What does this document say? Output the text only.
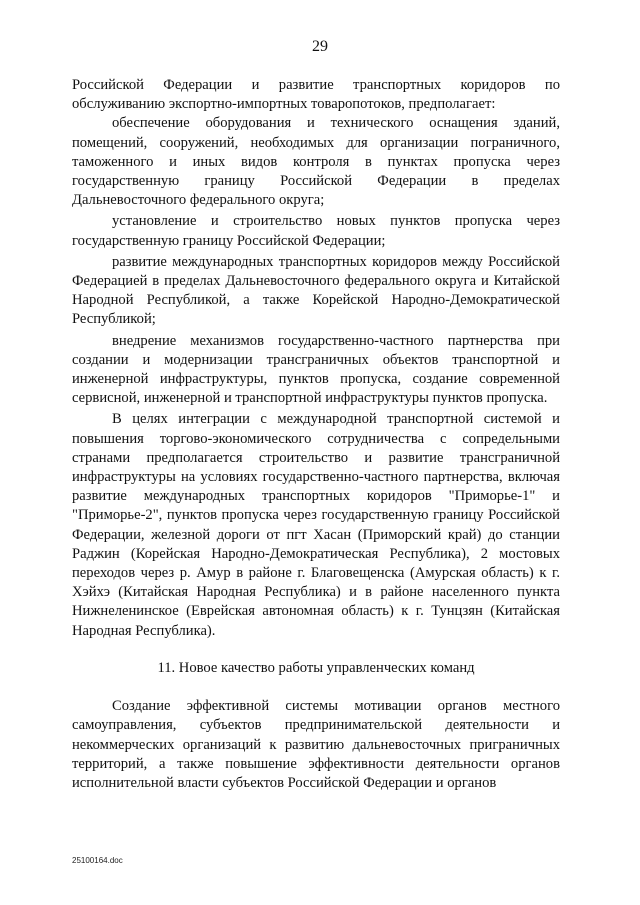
29

Российской Федерации и развитие транспортных коридоров по обслуживанию экспортно-импортных товаропотоков, предполагает:

обеспечение оборудования и технического оснащения зданий, помещений, сооружений, необходимых для организации пограничного, таможенного и иных видов контроля в пунктах пропуска через государственную границу Российской Федерации в пределах Дальневосточного федерального округа;

установление и строительство новых пунктов пропуска через государственную границу Российской Федерации;

развитие международных транспортных коридоров между Российской Федерацией в пределах Дальневосточного федерального округа и Китайской Народной Республикой, а также Корейской Народно-Демократической Республикой;

внедрение механизмов государственно-частного партнерства при создании и модернизации трансграничных объектов транспортной и инженерной инфраструктуры, пунктов пропуска, создание современной сервисной, инженерной и транспортной инфраструктуры пунктов пропуска.

В целях интеграции с международной транспортной системой и повышения торгово-экономического сотрудничества с сопредельными странами предполагается строительство и развитие трансграничной инфраструктуры на условиях государственно-частного партнерства, включая развитие международных транспортных коридоров "Приморье-1" и "Приморье-2", пунктов пропуска через государственную границу Российской Федерации, железной дороги от пгт Хасан (Приморский край) до станции Раджин (Корейская Народно-Демократическая Республика), 2 мостовых переходов через р. Амур в районе г. Благовещенска (Амурская область) к г. Хэйхэ (Китайская Народная Республика) и в районе населенного пункта Нижнеленинское (Еврейская автономная область) к г. Тунцзян (Китайская Народная Республика).

11. Новое качество работы управленческих команд

Создание эффективной системы мотивации органов местного самоуправления, субъектов предпринимательской деятельности и некоммерческих организаций к развитию дальневосточных приграничных территорий, а также повышение эффективности деятельности органов исполнительной власти субъектов Российской Федерации и органов

25100164.doc
